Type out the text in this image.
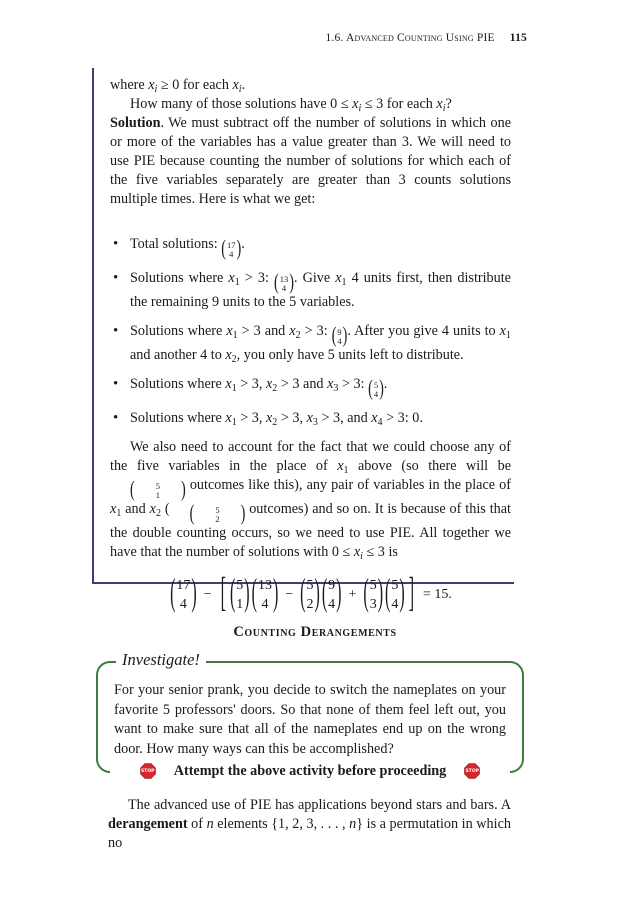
1.6. Advanced Counting Using PIE 115

where $x_i \ge 0$ for each $x_i$.

How many of those solutions have $0 \le x_i \le 3$ for each $x_i$?

Solution. We must subtract off the number of solutions in which one or more of the variables has a value greater than 3. We will need to use PIE because counting the number of solutions for which each of the five variables separately are greater than 3 counts solutions multiple times. Here is what we get:

• Total solutions: ( 17
4 ) .
• Solutions where $x_1 > 3$: ( 13
4 ) . Give $x_1$ 4 units first, then distribute the remaining 9 units to the 5 variables.
• Solutions where $x_1 > 3$ and $x_2 > 3$: ( 9
4 ) . After you give 4 units to $x_1$ and another 4 to $x_2$, you only have 5 units left to distribute.
• Solutions where $x_1 > 3$, $x_2 > 3$ and $x_3 > 3$: ( 5
4 ) .
• Solutions where $x_1 > 3$, $x_2 > 3$, $x_3 > 3$, and $x_4 > 3$: 0.

We also need to account for the fact that we could choose any of the five variables in the place of $x_1$ above (so there will be
(	5
1	) outcomes like this), any pair of variables in the place of $x_1$ and $x_2$ (	(	5
2	) outcomes) and so on. It is because of this that the double counting occurs, so we need to use PIE. All together we have that the number of solutions with $0 \le x_i \le 3$ is

( 17
4 ) − [ ( 5
1 ) ( 13
4 ) − ( 5
2 ) ( 9
4 ) + ( 5
3 ) ( 5
4 ) ] = 15.
Counting Derangements
Investigate!
For your senior prank, you decide to switch the nameplates on your favorite 5 professors' doors. So that none of them feel left out, you want to make sure that all of the nameplates end up on the wrong door. How many ways can this be accomplished?
STOP Attempt the above activity before proceeding	STOP

The advanced use of PIE has applications beyond stars and bars. A derangement of n elements {1, 2, 3, . . . , n} is a permutation in which no
